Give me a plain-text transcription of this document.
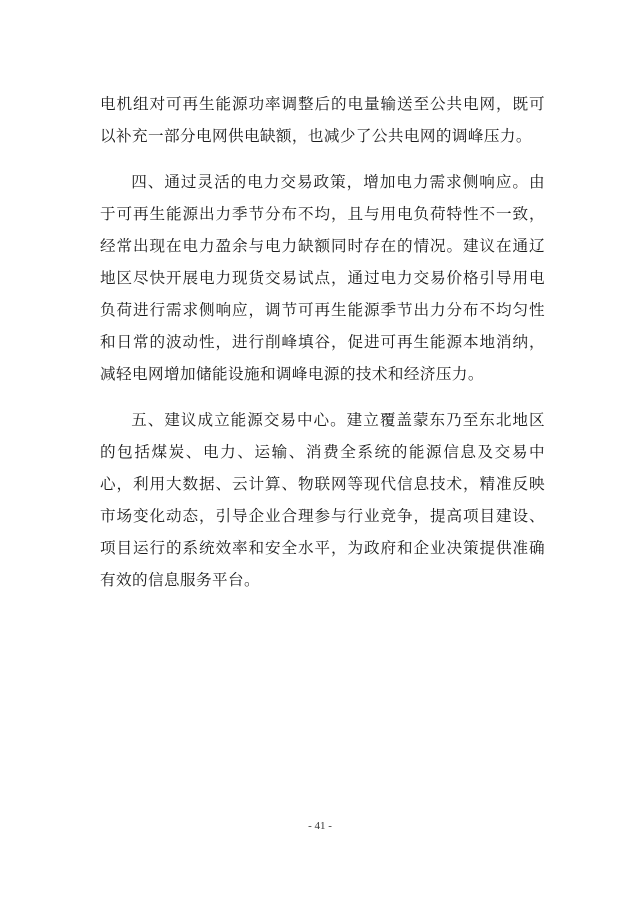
电机组对可再生能源功率调整后的电量输送至公共电网，既可以补充一部分电网供电缺额，也减少了公共电网的调峰压力。

四、通过灵活的电力交易政策，增加电力需求侧响应。由于可再生能源出力季节分布不均，且与用电负荷特性不一致，经常出现在电力盈余与电力缺额同时存在的情况。建议在通辽地区尽快开展电力现货交易试点，通过电力交易价格引导用电负荷进行需求侧响应，调节可再生能源季节出力分布不均匀性和日常的波动性，进行削峰填谷，促进可再生能源本地消纳，减轻电网增加储能设施和调峰电源的技术和经济压力。

五、建议成立能源交易中心。建立覆盖蒙东乃至东北地区的包括煤炭、电力、运输、消费全系统的能源信息及交易中心，利用大数据、云计算、物联网等现代信息技术，精准反映市场变化动态，引导企业合理参与行业竞争，提高项目建设、项目运行的系统效率和安全水平，为政府和企业决策提供准确有效的信息服务平台。

- 41 -
